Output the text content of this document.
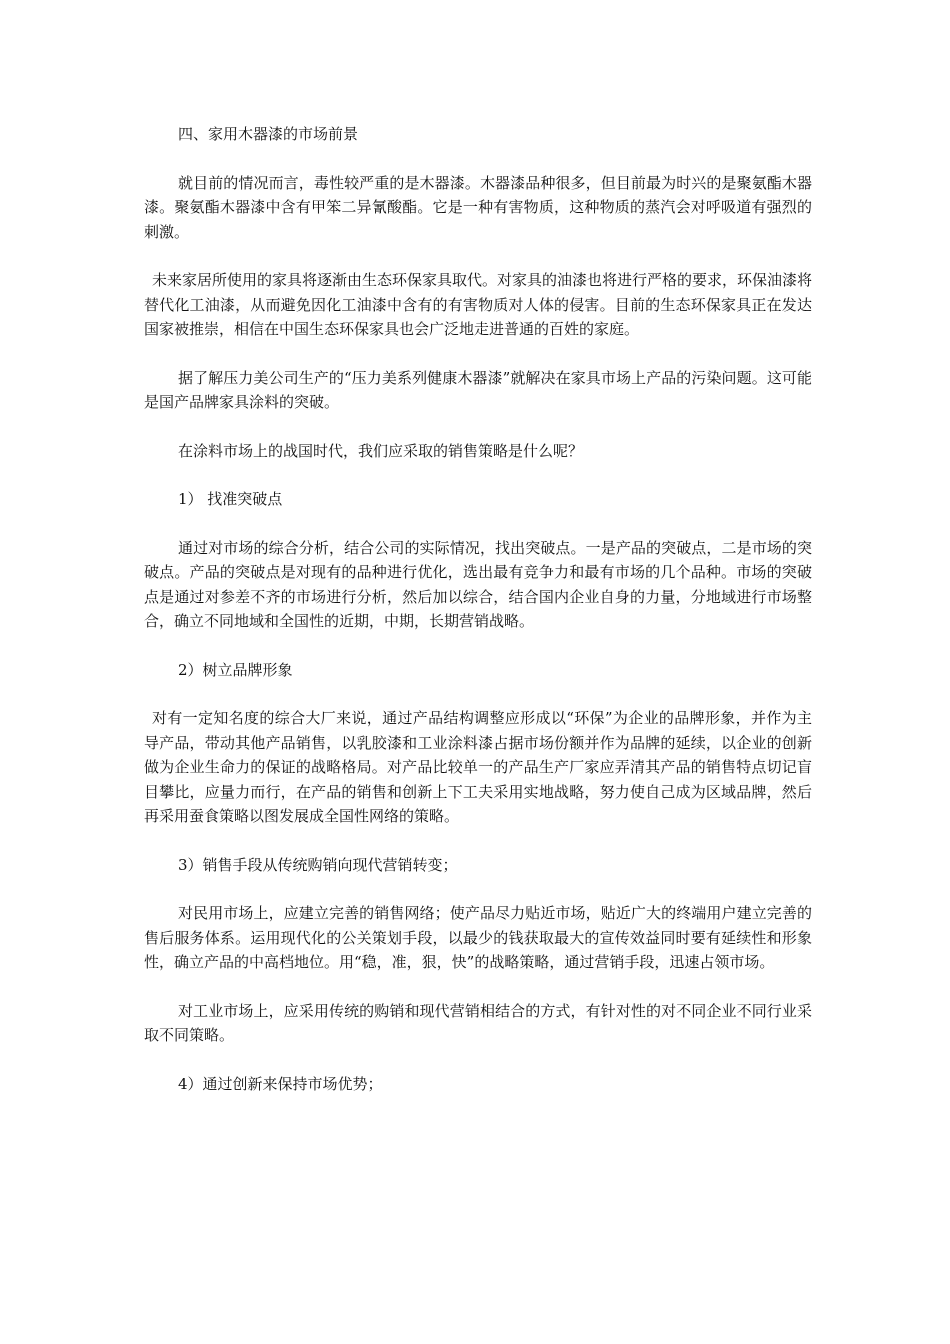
四、家用木器漆的市场前景

就目前的情况而言，毒性较严重的是木器漆。木器漆品种很多，但目前最为时兴的是聚氨酯木器漆。聚氨酯木器漆中含有甲笨二异氰酸酯。它是一种有害物质，这种物质的蒸汽会对呼吸道有强烈的刺激。

未来家居所使用的家具将逐渐由生态环保家具取代。对家具的油漆也将进行严格的要求，环保油漆将替代化工油漆，从而避免因化工油漆中含有的有害物质对人体的侵害。目前的生态环保家具正在发达国家被推崇，相信在中国生态环保家具也会广泛地走进普通的百姓的家庭。

据了解压力美公司生产的“压力美系列健康木器漆”就解决在家具市场上产品的污染问题。这可能是国产品牌家具涂料的突破。

在涂料市场上的战国时代，我们应采取的销售策略是什么呢？

1） 找准突破点

通过对市场的综合分析，结合公司的实际情况，找出突破点。一是产品的突破点，二是市场的突破点。产品的突破点是对现有的品种进行优化，选出最有竞争力和最有市场的几个品种。市场的突破点是通过对参差不齐的市场进行分析，然后加以综合，结合国内企业自身的力量，分地域进行市场整合，确立不同地域和全国性的近期，中期，长期营销战略。

2）树立品牌形象

对有一定知名度的综合大厂来说，通过产品结构调整应形成以“环保”为企业的品牌形象，并作为主导产品，带动其他产品销售，以乳胶漆和工业涂料漆占据市场份额并作为品牌的延续，以企业的创新做为企业生命力的保证的战略格局。对产品比较单一的产品生产厂家应弄清其产品的销售特点切记盲目攀比，应量力而行，在产品的销售和创新上下工夫采用实地战略，努力使自己成为区域品牌，然后再采用蚕食策略以图发展成全国性网络的策略。

3）销售手段从传统购销向现代营销转变；

对民用市场上，应建立完善的销售网络；使产品尽力贴近市场，贴近广大的终端用户建立完善的售后服务体系。运用现代化的公关策划手段，以最少的钱获取最大的宣传效益同时要有延续性和形象性，确立产品的中高档地位。用“稳，准，狠，快”的战略策略，通过营销手段，迅速占领市场。

对工业市场上，应采用传统的购销和现代营销相结合的方式，有针对性的对不同企业不同行业采取不同策略。

4）通过创新来保持市场优势；
